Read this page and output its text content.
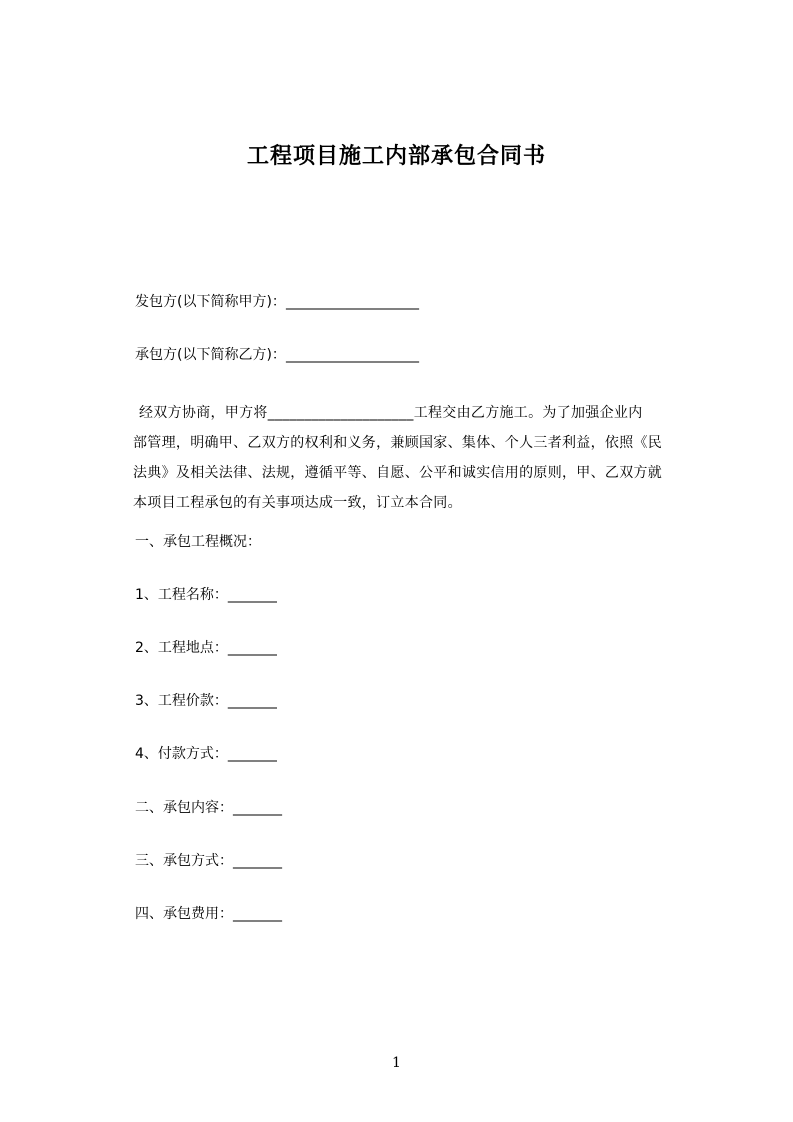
工程项目施工内部承包合同书
发包方(以下简称甲方)：___________________
承包方(以下简称乙方)：___________________

经双方协商，甲方将____________________工程交由乙方施工。为了加强企业内

部管理，明确甲、乙双方的权利和义务，兼顾国家、集体、个人三者利益，依照《民

法典》及相关法律、法规，遵循平等、自愿、公平和诚实信用的原则，甲、乙双方就

本项目工程承包的有关事项达成一致，订立本合同。

一、承包工程概况：
1、工程名称：_______
2、工程地点：_______
3、工程价款：_______
4、付款方式：_______
二、承包内容：_______
三、承包方式：_______
四、承包费用：_______
1
